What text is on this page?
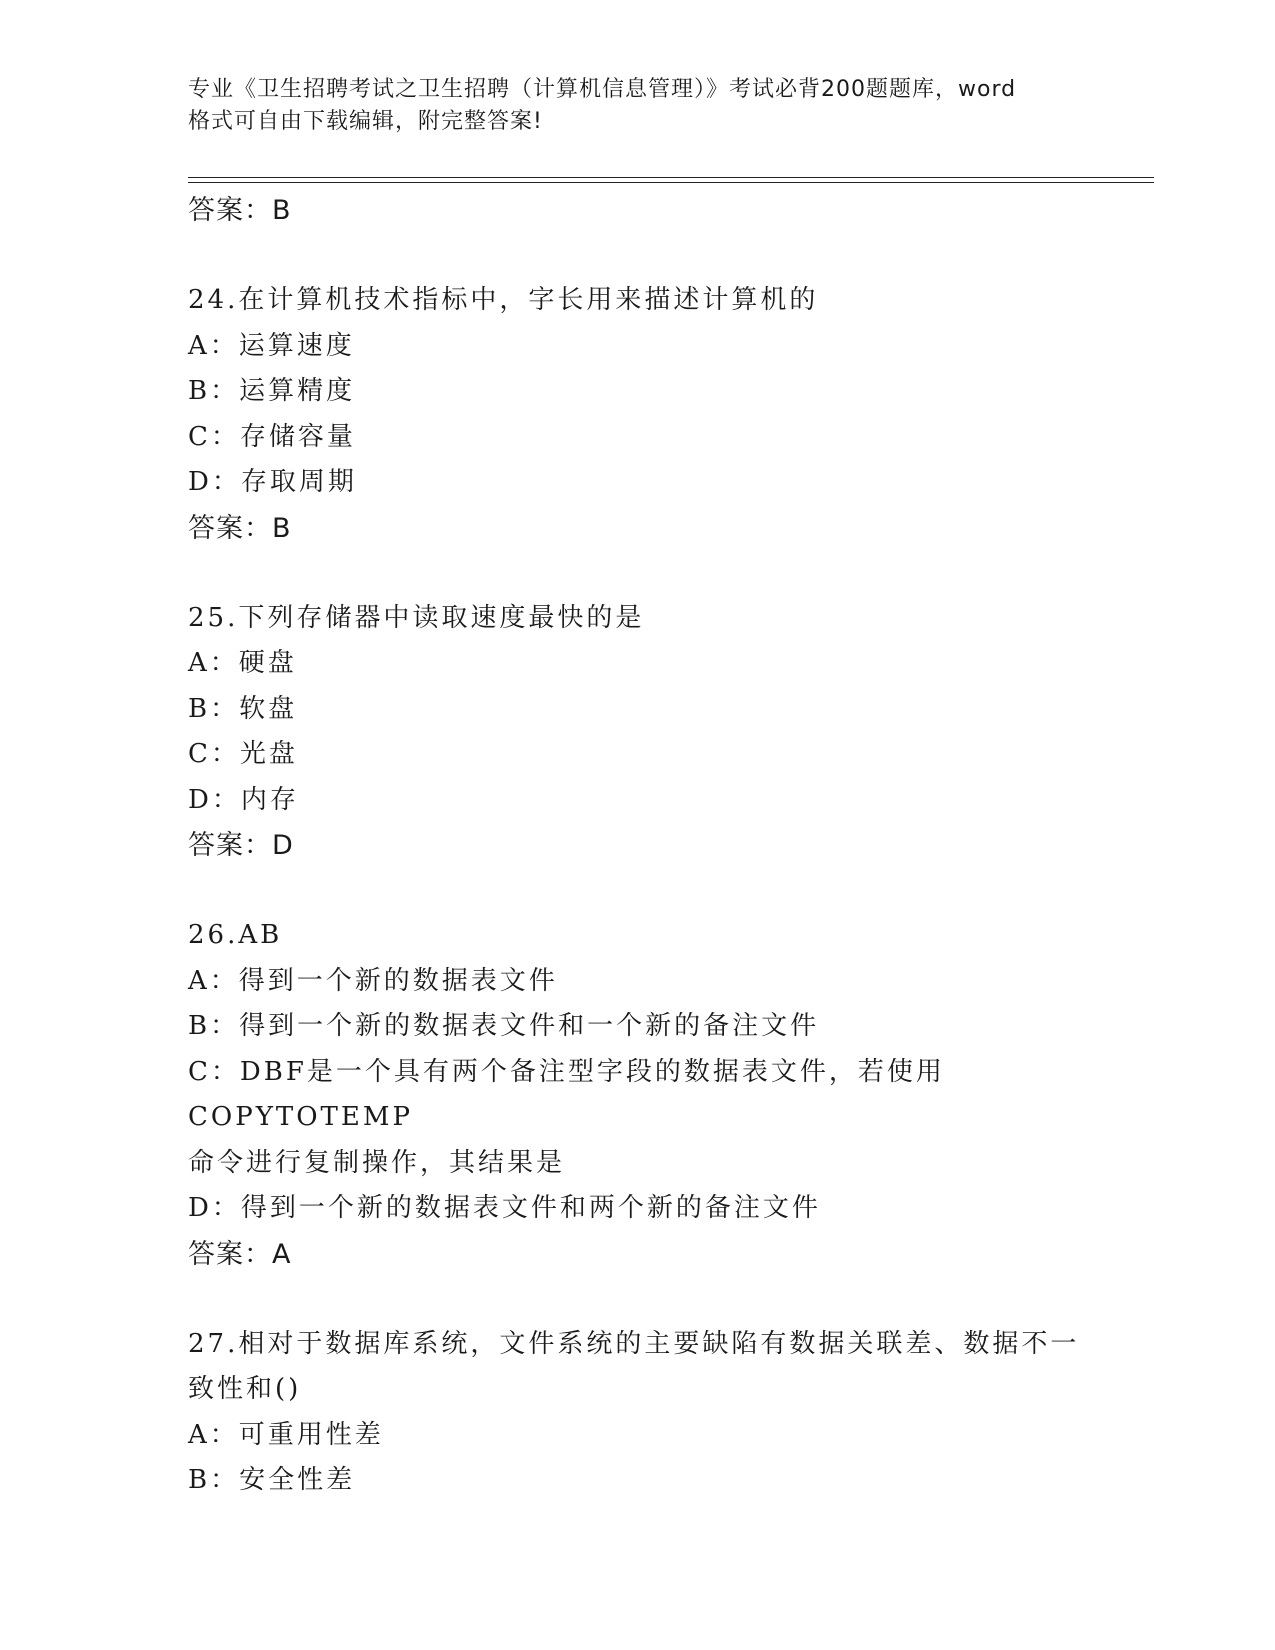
专业《卫生招聘考试之卫生招聘（计算机信息管理）》考试必背200题题库，word
格式可自由下载编辑，附完整答案!
答案：B
24.在计算机技术指标中，字长用来描述计算机的
A：运算速度
B：运算精度
C：存储容量
D：存取周期
答案：B
25.下列存储器中读取速度最快的是
A：硬盘
B：软盘
C：光盘
D：内存
答案：D
26.AB
A：得到一个新的数据表文件
B：得到一个新的数据表文件和一个新的备注文件
C：DBF是一个具有两个备注型字段的数据表文件，若使用COPYTOTEMP
命令进行复制操作，其结果是
D：得到一个新的数据表文件和两个新的备注文件
答案：A
27.相对于数据库系统，文件系统的主要缺陷有数据关联差、数据不一
致性和()
A：可重用性差
B：安全性差
